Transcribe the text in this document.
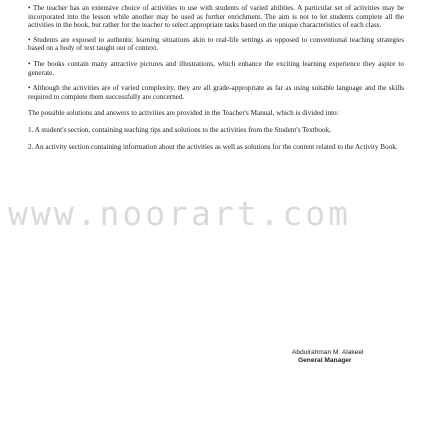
• The teacher has an extensive choice of activities to use with students of varied abilities. A particular set of activities may be incorporated into the lesson while another may be used as further enrichment. The aim is not to let students complete all the activities in the book, but rather for the teacher to select appropriate tasks based on the unique characteristics of each class.

• Students are exposed to authentic learning situations akin to real-life settings as opposed to conventional teaching strategies based on a body of text taught out of context.

• The books contain many attractive pictures and illustrations, which enhance the exciting learning experience they aspire to generate.

• Although the activities are of varied complexity, they are all grade-appropriate as far as using suitable language and the skills required to complete them successfully are concerned.

The possible solutions and answers to activities are provided in the Teacher's Manual, which is divided into:

1. A student's section, containing teaching tips and solutions to the activities from the Student's Textbook,

2. An activity section containing information about the activities as well as solutions for the content related to the Activity Book.

Abdulrahman M. Alakeel
General Manager
www.noorart.com
